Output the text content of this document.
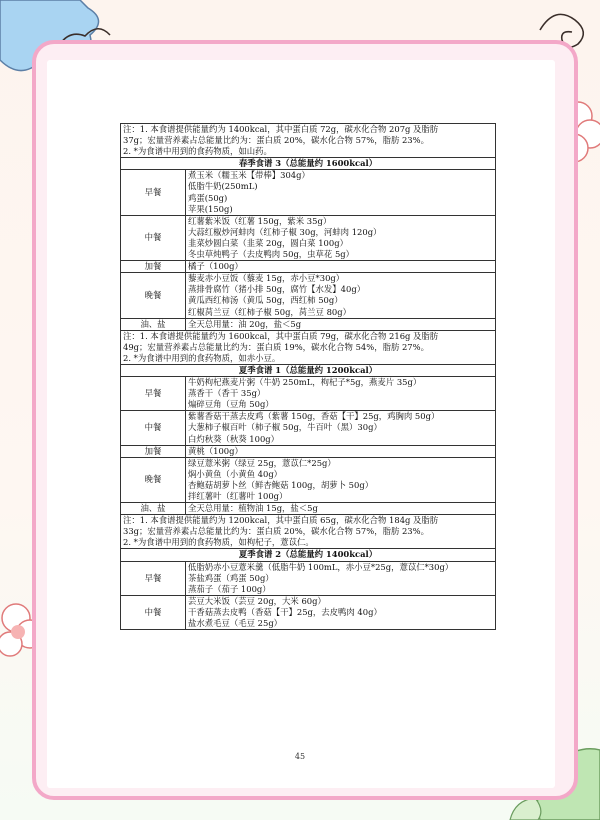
注：1. 本食谱提供能量约为 1400kcal，其中蛋白质 72g，碳水化合物 207g 及脂肪
37g；宏量营养素占总能量比约为：蛋白质 20%，碳水化合物 57%，脂肪 23%。
2. *为食谱中用到的食药物质，如山药。	

春季食谱 3（总能量约 1600kcal）	
早餐	煮玉米（糯玉米【带棒】304g）
低脂牛奶(250mL)
鸡蛋(50g)
苹果(150g)

中餐	红薯紫米饭（红薯 150g，紫米 35g）
大蒜红椒炒河蚌肉（红柿子椒 30g，河蚌肉 120g）
韭菜炒圆白菜（韭菜 20g，圆白菜 100g）
冬虫草炖鸭子（去皮鸭肉 50g，虫草花 5g）

加餐	橘子（100g）

晚餐	藜麦赤小豆饭（藜麦 15g，赤小豆*30g）
蒸排骨腐竹（猪小排 50g，腐竹【水发】40g）
黄瓜西红柿汤（黄瓜 50g，西红柿 50g）
红椒莴兰豆（红柿子椒 50g，莴兰豆 80g）

油、盐	全天总用量：油 20g，盐＜5g

注：1. 本食谱提供能量约为 1600kcal，其中蛋白质 79g，碳水化合物 216g 及脂肪
49g；宏量营养素占总能量比约为：蛋白质 19%，碳水化合物 54%，脂肪 27%。
2. *为食谱中用到的食药物质，如赤小豆。	

夏季食谱 1（总能量约 1200kcal）	
早餐	牛奶枸杞燕麦片粥（牛奶 250mL，枸杞子*5g，燕麦片 35g）
蒸香干（香干 35g）
煸碎豆角（豆角 50g）

中餐	紫薯香菇干蒸去皮鸡（紫薯 150g，香菇【干】25g，鸡胸肉 50g）
大葱柿子椒百叶（柿子椒 50g，牛百叶（黑）30g）
白灼秋葵（秋葵 100g）

加餐	黄桃（100g）

晚餐	绿豆薏米粥（绿豆 25g，薏苡仁*25g）
焖小黄鱼（小黄鱼 40g）
杏鲍菇胡萝卜丝（鲜杏鲍菇 100g，胡萝卜 50g）
拌红薯叶（红薯叶 100g）

油、盐	全天总用量：植物油 15g，盐＜5g

注：1. 本食谱提供能量约为 1200kcal，其中蛋白质 65g，碳水化合物 184g 及脂肪
33g；宏量营养素占总能量比约为：蛋白质 20%，碳水化合物 57%，脂肪 23%。
2. *为食谱中用到的食药物质，如枸杞子，薏苡仁。	

夏季食谱 2（总能量约 1400kcal）	
早餐	低脂奶赤小豆薏米羹（低脂牛奶 100mL，赤小豆*25g，薏苡仁*30g）
茶盐鸡蛋（鸡蛋 50g）
蒸茄子（茄子 100g）

中餐	芸豆大米饭（芸豆 20g，大米 60g）
干香菇蒸去皮鸭（香菇【干】25g，去皮鸭肉 40g）
盐水煮毛豆（毛豆 25g）
45
